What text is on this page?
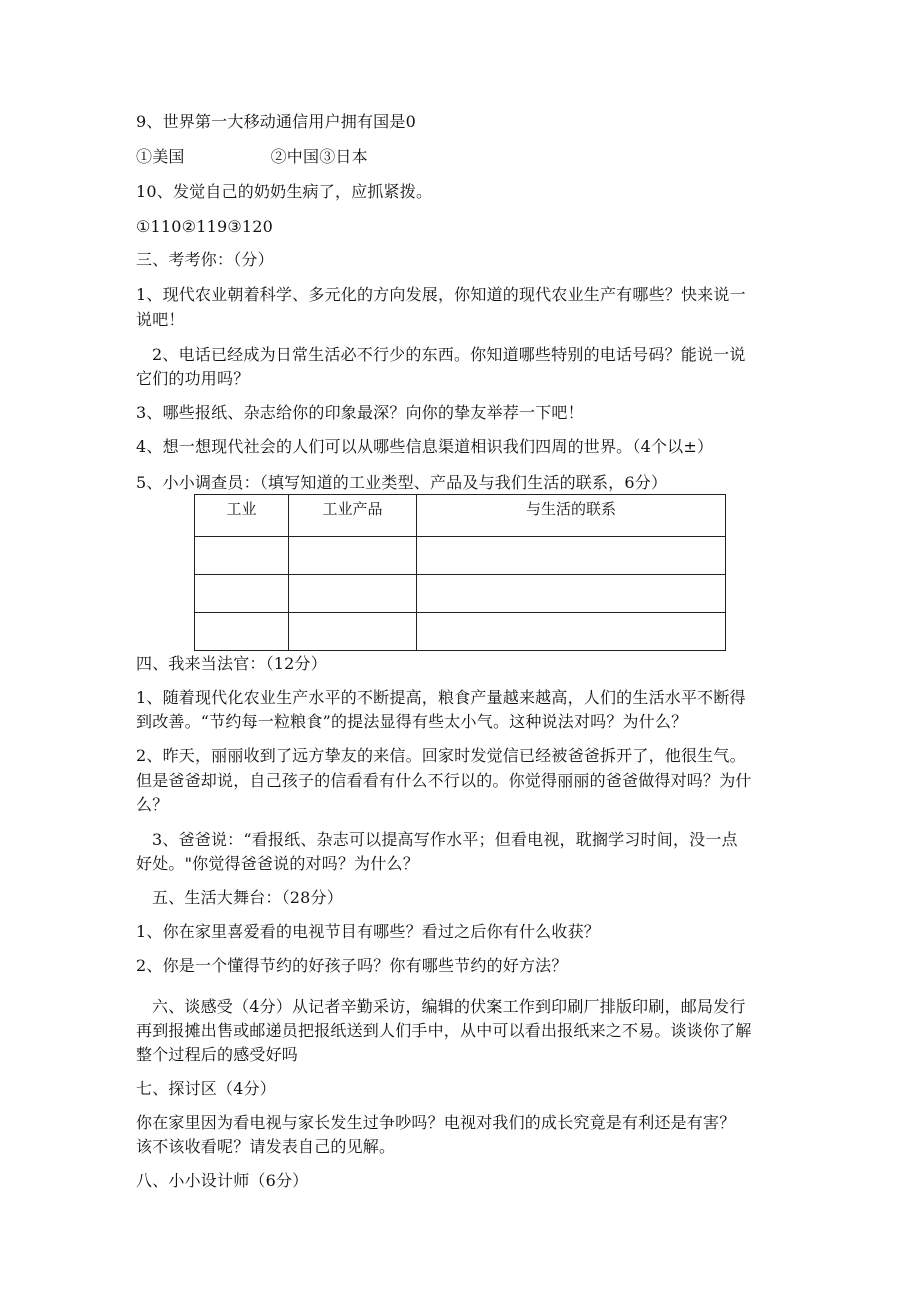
9、世界第一大移动通信用户拥有国是0
①美国	②中国③日本
10、发觉自己的奶奶生病了，应抓紧拨。
①110②119③120
三、考考你：（分）
1、现代农业朝着科学、多元化的方向发展，你知道的现代农业生产有哪些？快来说一
说吧！
2、电话已经成为日常生活必不行少的东西。你知道哪些特别的电话号码？能说一说
它们的功用吗？
3、哪些报纸、杂志给你的印象最深？向你的挚友举荐一下吧！
4、想一想现代社会的人们可以从哪些信息渠道相识我们四周的世界。（4个以±）
5、小小调查员：（填写知道的工业类型、产品及与我们生活的联系，6分）
工业	工业产品	与生活的联系

四、我来当法官：（12分）
1、随着现代化农业生产水平的不断提高，粮食产量越来越高，人们的生活水平不断得
到改善。“节约每一粒粮食”的提法显得有些太小气。这种说法对吗？为什么？
2、昨天，丽丽收到了远方挚友的来信。回家时发觉信已经被爸爸拆开了，他很生气。
但是爸爸却说，自己孩子的信看看有什么不行以的。你觉得丽丽的爸爸做得对吗？为什
么？
3、爸爸说：“看报纸、杂志可以提高写作水平；但看电视，耽搁学习时间，没一点
好处。"你觉得爸爸说的对吗？为什么？
五、生活大舞台：（28分）
1、你在家里喜爱看的电视节目有哪些？看过之后你有什么收获？
2、你是一个懂得节约的好孩子吗？你有哪些节约的好方法？
六、谈感受（4分）从记者辛勤采访，编辑的伏案工作到印刷厂排版印刷，邮局发行
再到报摊出售或邮递员把报纸送到人们手中，从中可以看出报纸来之不易。谈谈你了解
整个过程后的感受好吗
七、探讨区（4分）
你在家里因为看电视与家长发生过争吵吗？电视对我们的成长究竟是有利还是有害？
该不该收看呢？请发表自己的见解。
八、小小设计师（6分）
